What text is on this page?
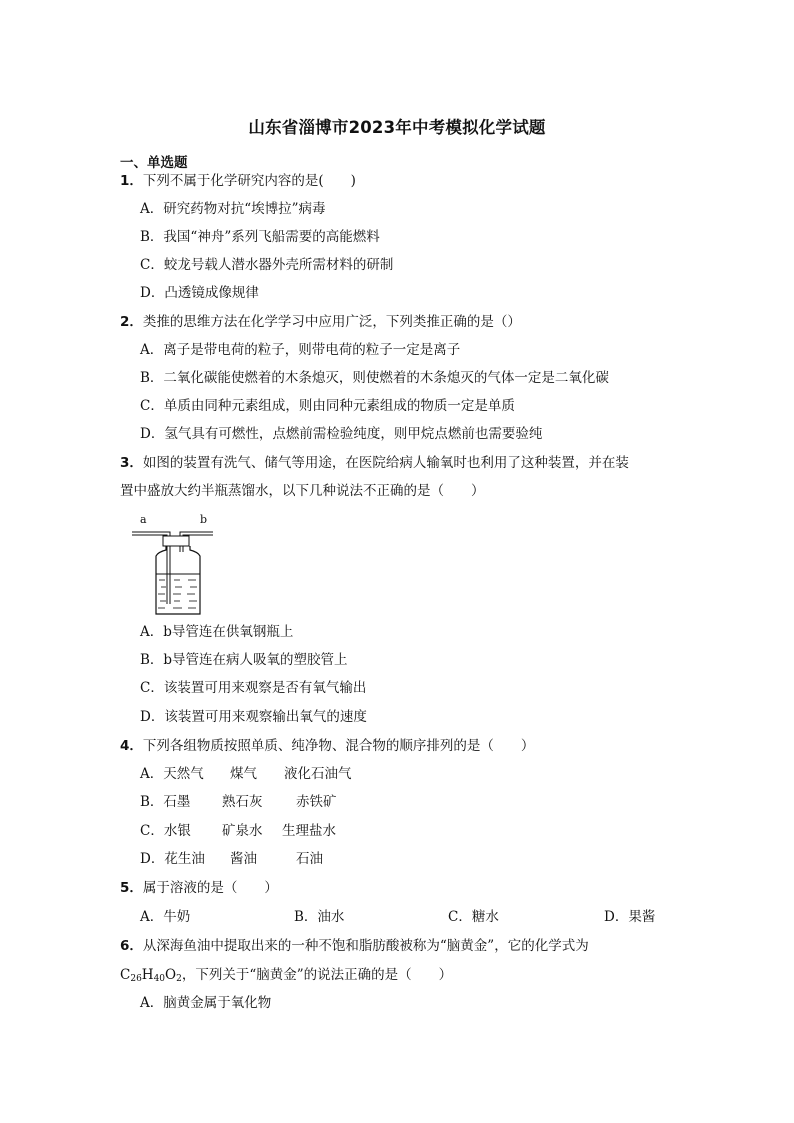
山东省淄博市2023年中考模拟化学试题
一、单选题
1．下列不属于化学研究内容的是(　　)
A．研究药物对抗“埃博拉”病毒
B．我国“神舟”系列飞船需要的高能燃料
C．蛟龙号载人潜水器外壳所需材料的研制
D．凸透镜成像规律
2．类推的思维方法在化学学习中应用广泛，下列类推正确的是（）
A．离子是带电荷的粒子，则带电荷的粒子一定是离子
B．二氧化碳能使燃着的木条熄灭，则使燃着的木条熄灭的气体一定是二氧化碳
C．单质由同种元素组成，则由同种元素组成的物质一定是单质
D．氢气具有可燃性，点燃前需检验纯度，则甲烷点燃前也需要验纯
3．如图的装置有洗气、储气等用途，在医院给病人输氧时也利用了这种装置，并在装
置中盛放大约半瓶蒸馏水，以下几种说法不正确的是（　　）
a	b
A．b导管连在供氧钢瓶上
B．b导管连在病人吸氧的塑胶管上
C．该装置可用来观察是否有氧气输出
D．该装置可用来观察输出氧气的速度
4．下列各组物质按照单质、纯净物、混合物的顺序排列的是（　　）
A．天然气 煤气 液化石油气
B．石墨 熟石灰 赤铁矿
C．水银 矿泉水 生理盐水
D．花生油 酱油	石油
5．属于溶液的是（　　）
A．牛奶	B．油水	C．糖水	D．果酱
6．从深海鱼油中提取出来的一种不饱和脂肪酸被称为“脑黄金”，它的化学式为
$C_{26}H_{40}O_2$，下列关于“脑黄金”的说法正确的是（　　）
A．脑黄金属于氧化物
